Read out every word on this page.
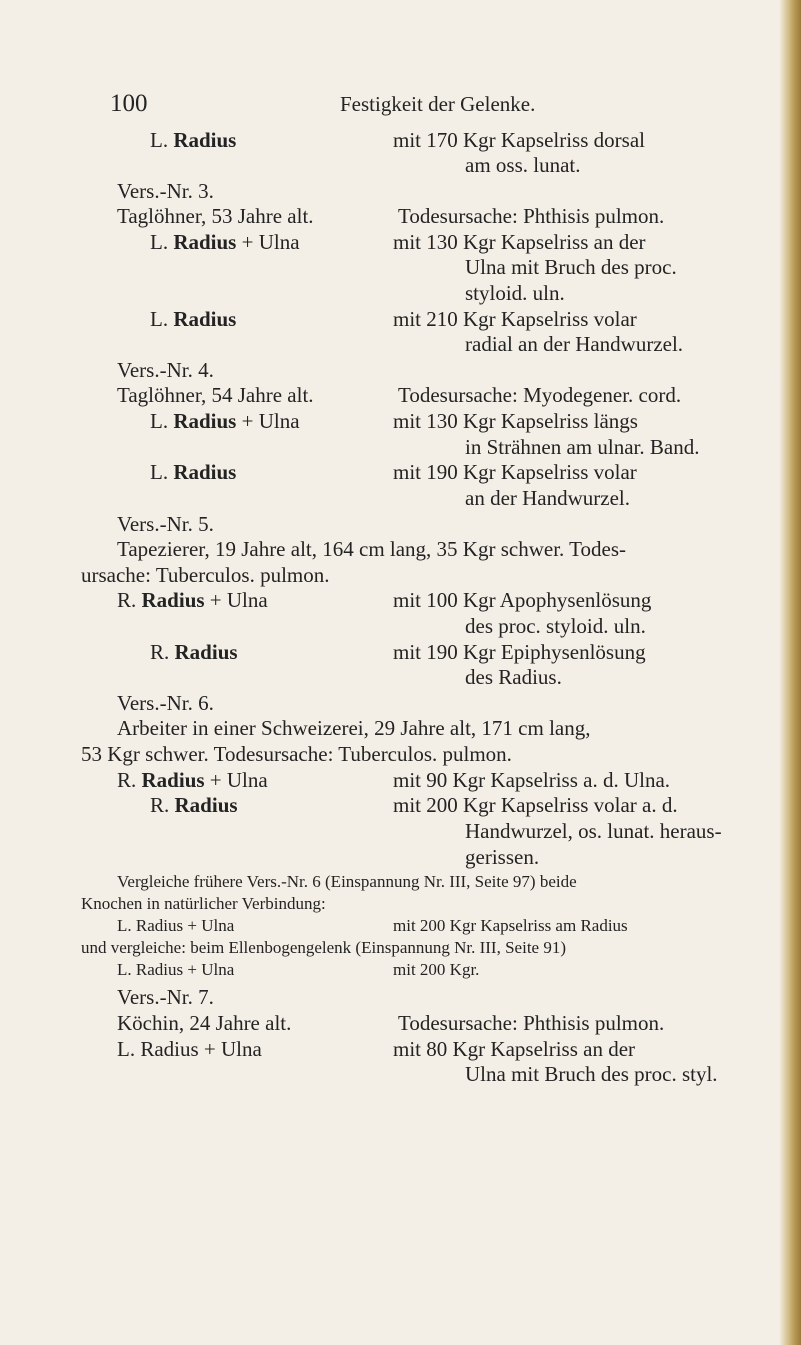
100	Festigkeit der Gelenke.
L. Radius	mit 170 Kgr Kapselriss dorsal
am oss. lunat.
Vers.-Nr. 3.
Taglöhner, 53 Jahre alt.	Todesursache: Phthisis pulmon.
L. Radius + Ulna	mit 130 Kgr Kapselriss an der
Ulna mit Bruch des proc.
styloid. uln.
L. Radius	mit 210 Kgr Kapselriss volar
radial an der Handwurzel.
Vers.-Nr. 4.
Taglöhner, 54 Jahre alt.	Todesursache: Myodegener. cord.
L. Radius + Ulna	mit 130 Kgr Kapselriss längs
in Strähnen am ulnar. Band.
L. Radius	mit 190 Kgr Kapselriss volar
an der Handwurzel.
Vers.-Nr. 5.
Tapezierer, 19 Jahre alt, 164 cm lang, 35 Kgr schwer. Todes-
ursache: Tuberculos. pulmon.
R. Radius + Ulna	mit 100 Kgr Apophysenlösung
des proc. styloid. uln.
R. Radius	mit 190 Kgr Epiphysenlösung
des Radius.
Vers.-Nr. 6.
Arbeiter in einer Schweizerei, 29 Jahre alt, 171 cm lang,
53 Kgr schwer. Todesursache: Tuberculos. pulmon.
R. Radius + Ulna	mit 90 Kgr Kapselriss a. d. Ulna.
R. Radius	mit 200 Kgr Kapselriss volar a. d.
Handwurzel, os. lunat. heraus-
gerissen.
Vergleiche frühere Vers.-Nr. 6 (Einspannung Nr. III, Seite 97) beide
Knochen in natürlicher Verbindung:
L. Radius + Ulna	mit 200 Kgr Kapselriss am Radius
und vergleiche: beim Ellenbogengelenk (Einspannung Nr. III, Seite 91)
L. Radius + Ulna	mit 200 Kgr.
Vers.-Nr. 7.
Köchin, 24 Jahre alt.	Todesursache: Phthisis pulmon.
L. Radius + Ulna	mit 80 Kgr Kapselriss an der
Ulna mit Bruch des proc. styl.
